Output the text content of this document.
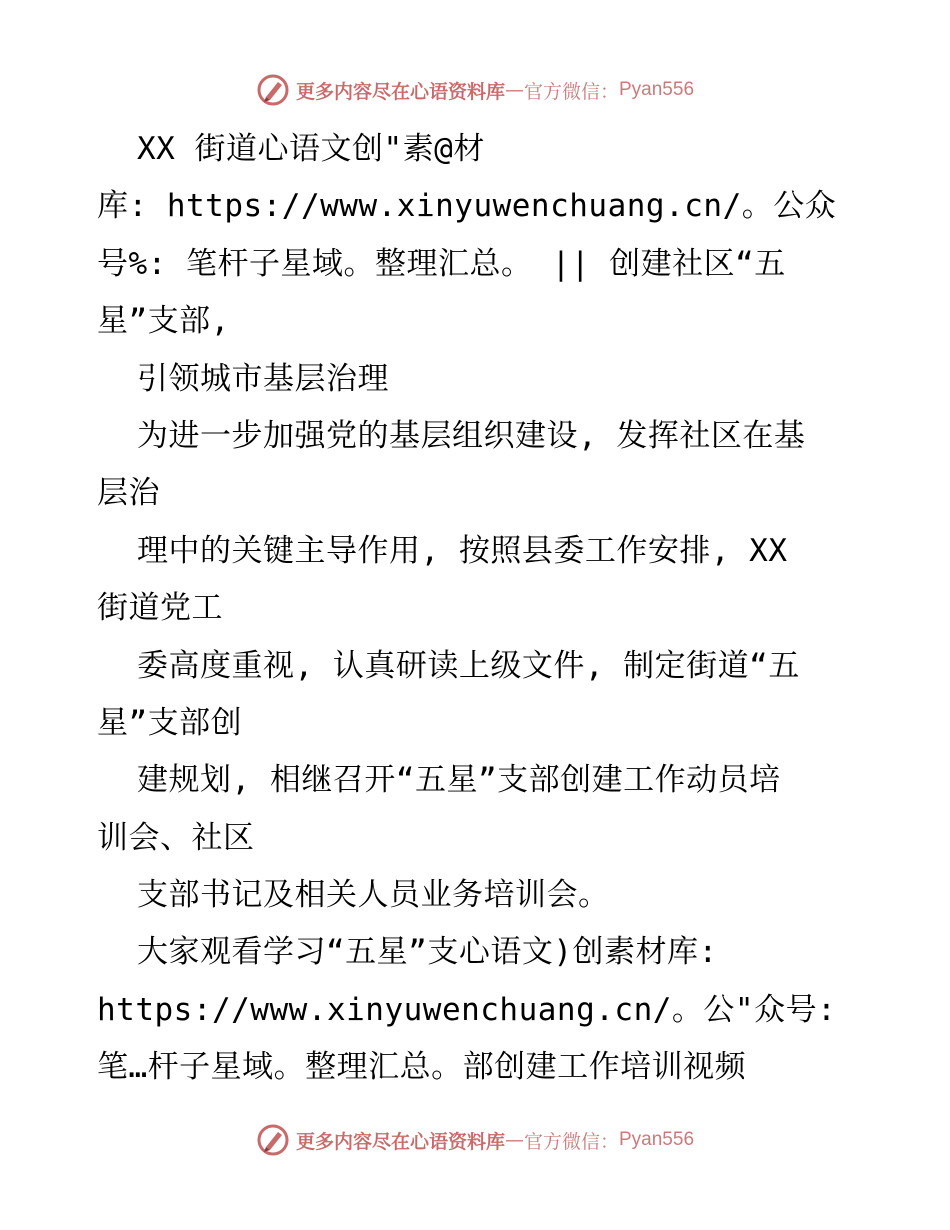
更多内容尽在心语资料库 — 官方微信： Pyan556
XX 街道心语文创"素@材
库: https://www.xinyuwenchuang.cn/。公众
号%: 笔杆子星域。整理汇总。 || 创建社区“五
星”支部,
引领城市基层治理
为进一步加强党的基层组织建设, 发挥社区在基
层治
理中的关键主导作用, 按照县委工作安排, XX
街道党工
委高度重视, 认真研读上级文件, 制定街道“五
星”支部创
建规划, 相继召开“五星”支部创建工作动员培
训会、社区
支部书记及相关人员业务培训会。
大家观看学习“五星”支心语文)创素材库:
https://www.xinyuwenchuang.cn/。公"众号:
笔…杆子星域。整理汇总。部创建工作培训视频
更多内容尽在心语资料库 — 官方微信： Pyan556
